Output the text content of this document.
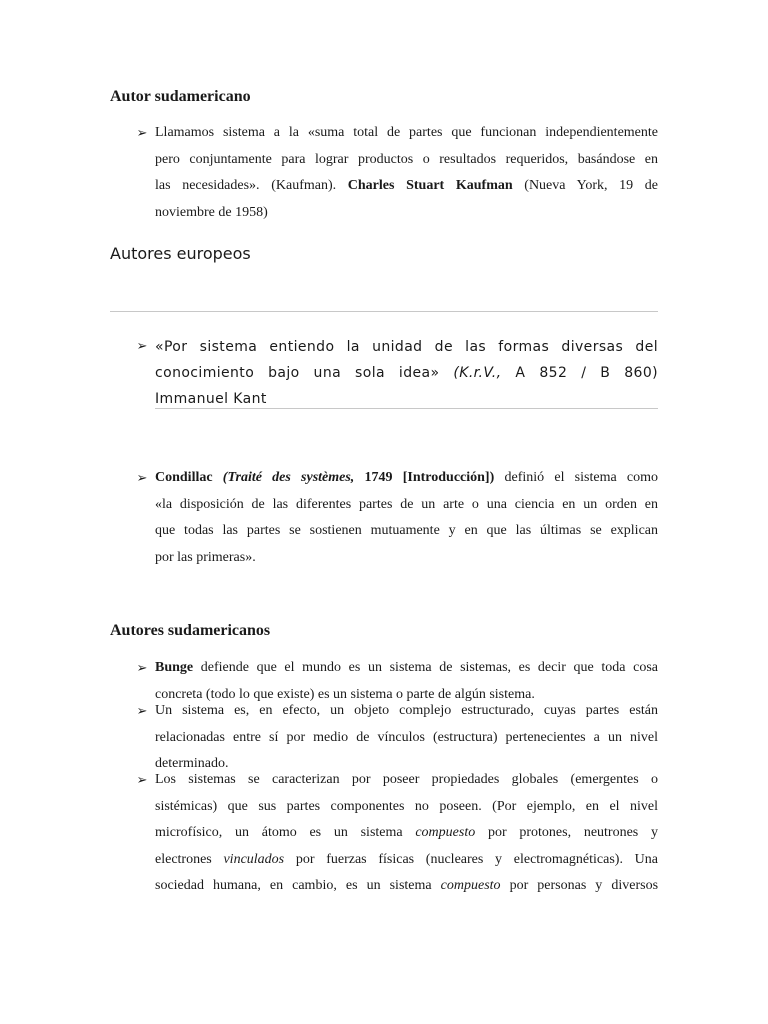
Autor sudamericano
➢ Llamamos sistema a la «suma total de partes que funcionan independientemente
pero conjuntamente para lograr productos o resultados requeridos, basándose en
las necesidades». (Kaufman). Charles Stuart Kaufman (Nueva York, 19 de
noviembre de 1958)
Autores europeos
➢ «Por sistema entiendo la unidad de las formas diversas del
conocimiento bajo una sola idea» (K.r.V., A 852 / B 860)
Immanuel Kant
➢ Condillac (Traité des systèmes, 1749 [Introducción]) definió el sistema como
«la disposición de las diferentes partes de un arte o una ciencia en un orden en
que todas las partes se sostienen mutuamente y en que las últimas se explican
por las primeras».
Autores sudamericanos
➢ Bunge defiende que el mundo es un sistema de sistemas, es decir que toda cosa
concreta (todo lo que existe) es un sistema o parte de algún sistema.
➢ Un sistema es, en efecto, un objeto complejo estructurado, cuyas partes están
relacionadas entre sí por medio de vínculos (estructura) pertenecientes a un nivel
determinado.
➢ Los sistemas se caracterizan por poseer propiedades globales (emergentes o
sistémicas) que sus partes componentes no poseen. (Por ejemplo, en el nivel
microfísico, un átomo es un sistema compuesto por protones, neutrones y
electrones vinculados por fuerzas físicas (nucleares y electromagnéticas). Una
sociedad humana, en cambio, es un sistema compuesto por personas y diversos
